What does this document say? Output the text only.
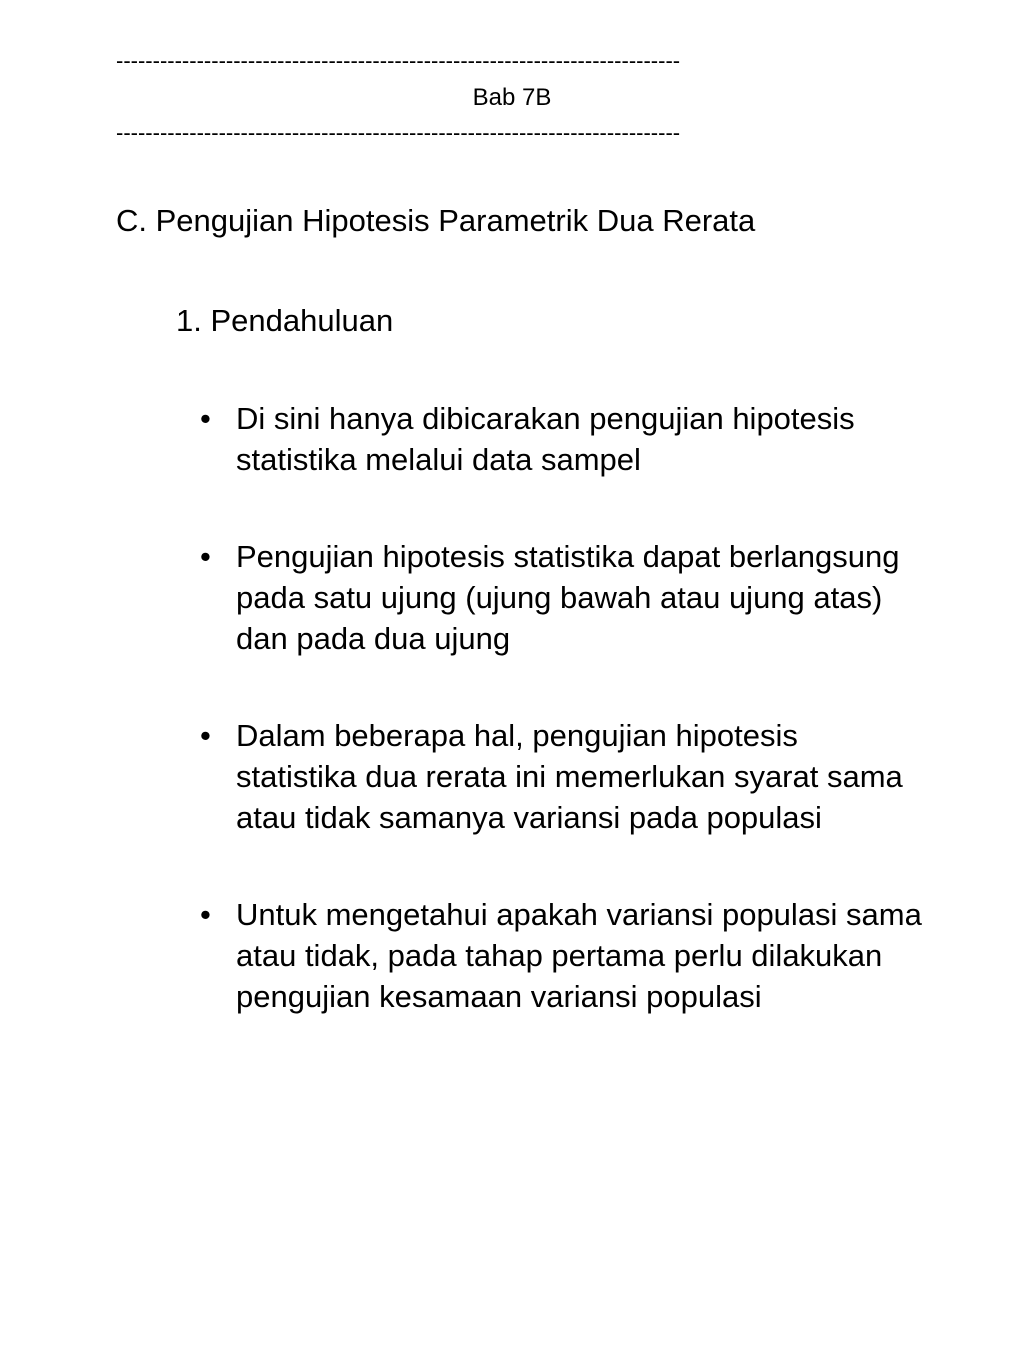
-----------------------------------------------------------------------------
Bab 7B
-----------------------------------------------------------------------------
C. Pengujian Hipotesis Parametrik Dua Rerata
1. Pendahuluan
• Di sini hanya dibicarakan pengujian hipotesis statistika melalui data sampel
• Pengujian hipotesis statistika dapat berlangsung pada satu ujung (ujung bawah atau ujung atas) dan pada dua ujung
• Dalam beberapa hal, pengujian hipotesis statistika dua rerata ini memerlukan syarat sama atau tidak samanya variansi pada populasi
• Untuk mengetahui apakah variansi populasi sama atau tidak, pada tahap pertama perlu dilakukan pengujian kesamaan variansi populasi
